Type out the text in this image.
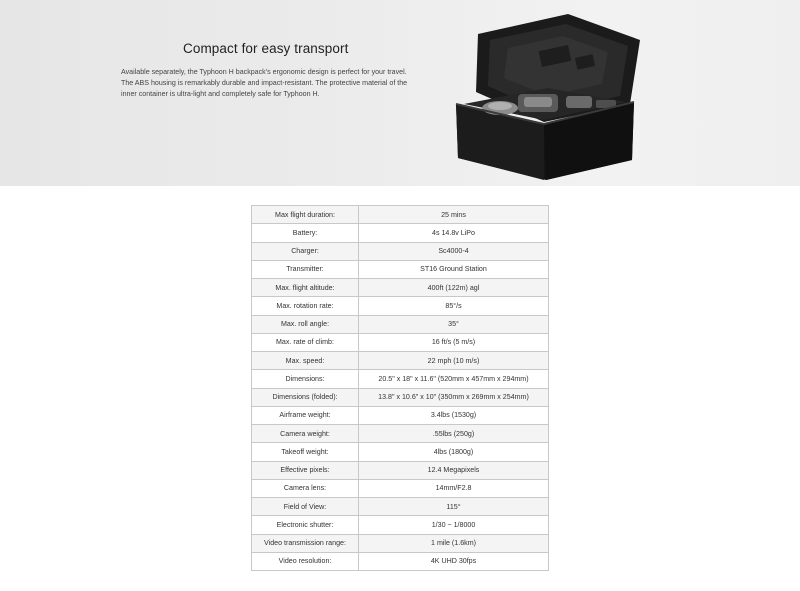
Compact for easy transport
Available separately, the Typhoon H backpack's ergonomic design is perfect for your travel. The ABS housing is remarkably durable and impact-resistant. The protective material of the inner container is ultra-light and completely safe for Typhoon H.
Max flight duration:	25 mins
Battery:	4s 14.8v LiPo
Charger:	Sc4000-4
Transmitter:	ST16 Ground Station
Max. flight altitude:	400ft (122m) agl
Max. rotation rate:	85°/s
Max. roll angle:	35°
Max. rate of climb:	16 ft/s (5 m/s)
Max. speed:	22 mph (10 m/s)
Dimensions:	20.5" x 18" x 11.6" (520mm x 457mm x 294mm)
Dimensions (folded):	13.8" x 10.6" x 10" (350mm x 269mm x 254mm)
Airframe weight:	3.4lbs (1530g)
Camera weight:	.55lbs (250g)
Takeoff weight:	4lbs (1800g)
Effective pixels:	12.4 Megapixels
Camera lens:	14mm/F2.8
Field of View:	115°
Electronic shutter:	1/30 ~ 1/8000
Video transmission range:	1 mile (1.6km)
Video resolution:	4K UHD 30fps
